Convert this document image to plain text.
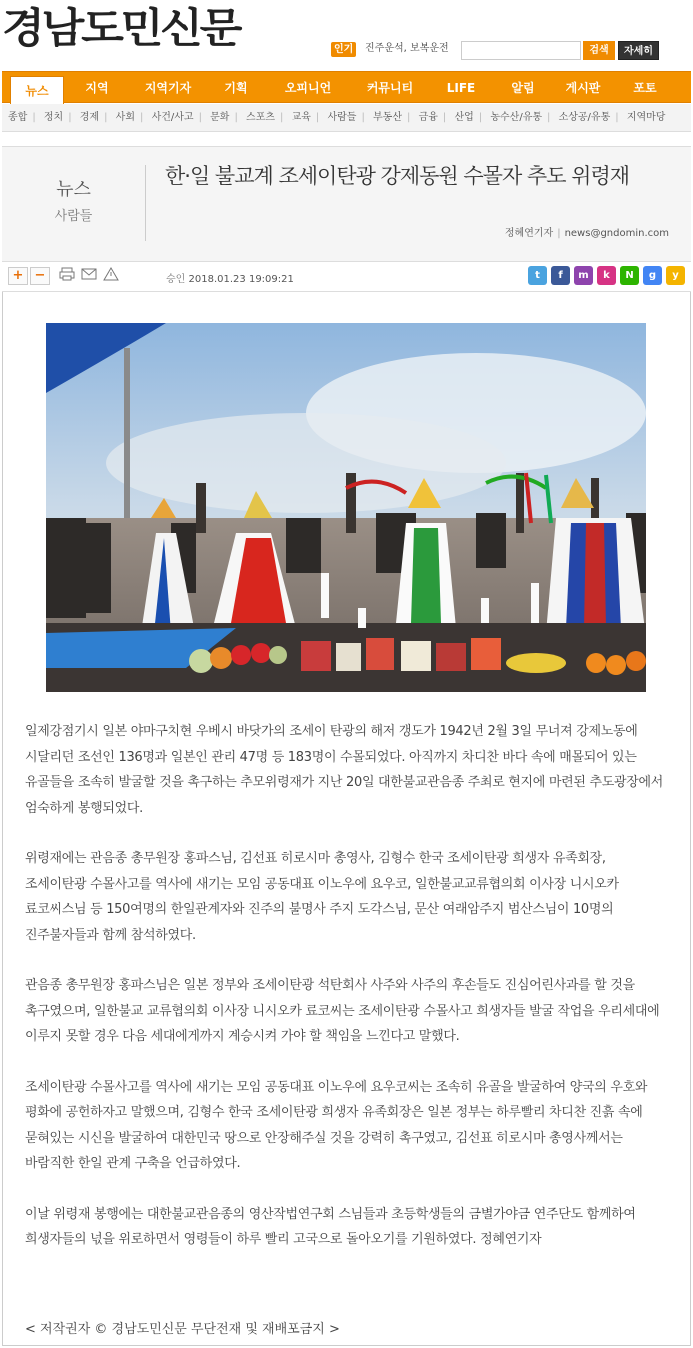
경남도민신문	인기	진주운석, 보복운전	검색	자세히
뉴스	지역	지역기자	기획	오피니언	커뮤니티	LIFE	알림	게시판	포토
종합 | 정치 | 경제 | 사회 | 사건/사고 | 문화 | 스포츠 | 교육 | 사람들 | 부동산 | 금융 | 산업 | 농수산/유통 | 소상공/유통 | 지역마당
뉴스
사람들
한·일 불교계 조세이탄광 강제동원 수몰자 추도 위령재
정혜연기자 | news@gndomin.com
+ −	승인 2018.01.23 19:09:21	t	f	m	k	N	g	y

일제강점기시 일본 야마구치현 우베시 바닷가의 조세이 탄광의 해저 갱도가 1942년 2월 3일 무너져 강제노동에 시달리던 조선인 136명과 일본인 관리 47명 등 183명이 수몰되었다. 아직까지 차디찬 바다 속에 매몰되어 있는 유골들을 조속히 발굴할 것을 촉구하는 추모위령재가 지난 20일 대한불교관음종 주최로 현지에 마련된 추도광장에서 엄숙하게 봉행되었다.

위령재에는 관음종 총무원장 홍파스님, 김선표 히로시마 총영사, 김형수 한국 조세이탄광 희생자 유족회장, 조세이탄광 수몰사고를 역사에 새기는 모임 공동대표 이노우에 요우코, 일한불교교류협의회 이사장 니시오카 료코씨스님 등 150여명의 한일관계자와 진주의 불명사 주지 도각스님, 문산 여래암주지 범산스님이 10명의 진주불자들과 함께 참석하였다.

관음종 총무원장 홍파스님은 일본 정부와 조세이탄광 석탄회사 사주와 사주의 후손들도 진심어린사과를 할 것을 촉구였으며, 일한불교 교류협의회 이사장 니시오카 료코씨는 조세이탄광 수몰사고 희생자들 발굴 작업을 우리세대에 이루지 못할 경우 다음 세대에게까지 계승시켜 가야 할 책임을 느낀다고 말했다.

조세이탄광 수몰사고를 역사에 새기는 모임 공동대표 이노우에 요우코씨는 조속히 유골을 발굴하여 양국의 우호와 평화에 공헌하자고 말했으며, 김형수 한국 조세이탄광 희생자 유족회장은 일본 정부는 하루빨리 차디찬 진흙 속에 묻혀있는 시신을 발굴하여 대한민국 땅으로 안장해주실 것을 강력히 촉구였고, 김선표 히로시마 총영사께서는 바람직한 한일 관계 구축을 언급하였다.

이날 위령재 봉행에는 대한불교관음종의 영산작법연구회 스님들과 초등학생들의 금별가야금 연주단도 함께하여 희생자들의 넋을 위로하면서 영령들이 하루 빨리 고국으로 돌아오기를 기원하였다. 정혜연기자

< 저작권자 © 경남도민신문 무단전재 및 재배포금지 >
